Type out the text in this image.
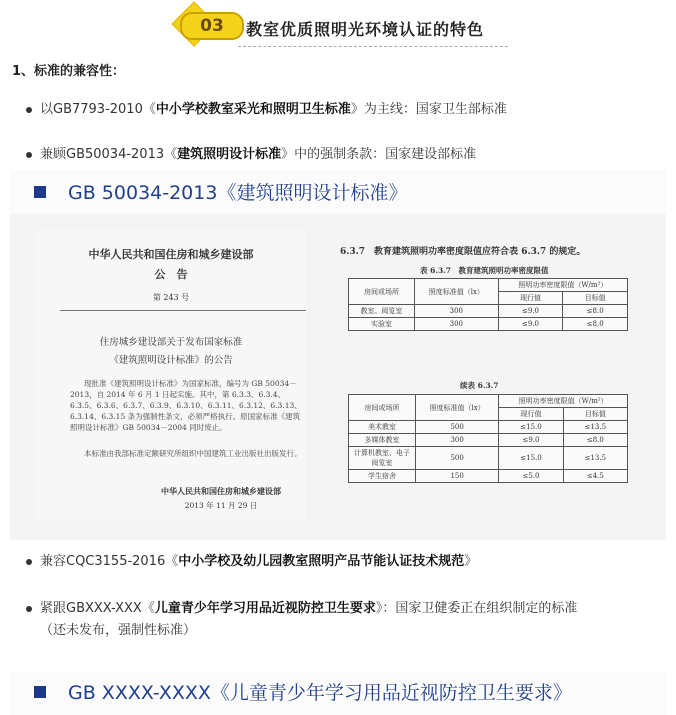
03	教室优质照明光环境认证的特色
1、标准的兼容性：
以GB7793-2010《中小学校教室采光和照明卫生标准》为主线：国家卫生部标准
兼顾GB50034-2013《建筑照明设计标准》中的强制条款：国家建设部标准
GB 50034-2013《建筑照明设计标准》
中华人民共和国住房和城乡建设部
公　告
第 243 号
住房城乡建设部关于发布国家标准
《建筑照明设计标准》的公告
现批准《建筑照明设计标准》为国家标准，编号为 GB 50034－2013，自 2014 年 6 月 1 日起实施。其中，第 6.3.3、6.3.4、6.3.5、6.3.6、6.3.7、6.3.9、6.3.10、6.3.11、6.3.12、6.3.13、6.3.14、6.3.15 条为强制性条文，必须严格执行。原国家标准《建筑照明设计标准》GB 50034－2004 同时废止。
本标准由我部标准定额研究所组织中国建筑工业出版社出版发行。
中华人民共和国住房和城乡建设部
2013 年 11 月 29 日
6.3.7　教育建筑照明功率密度限值应符合表 6.3.7 的规定。
表 6.3.7　教育建筑照明功率密度限值
房间或场所	照度标准值（lx）	照明功率密度限值（W/m²）	
		现行值	目标值
教室、阅览室	300	≤9.0	≤8.0
实验室	300	≤9.0	≤8.0
续表 6.3.7
房间或场所	照度标准值（lx）	照明功率密度限值（W/m²）	
		现行值	目标值
美术教室	500	≤15.0	≤13.5
多媒体教室	300	≤9.0	≤8.0
计算机教室、电子阅览室	500	≤15.0	≤13.5
学生宿舍	150	≤5.0	≤4.5
兼容CQC3155-2016《中小学校及幼儿园教室照明产品节能认证技术规范》
紧跟GBXXX-XXX《儿童青少年学习用品近视防控卫生要求》：国家卫健委正在组织制定的标准
（还未发布，强制性标准）
GB XXXX-XXXX《儿童青少年学习用品近视防控卫生要求》
